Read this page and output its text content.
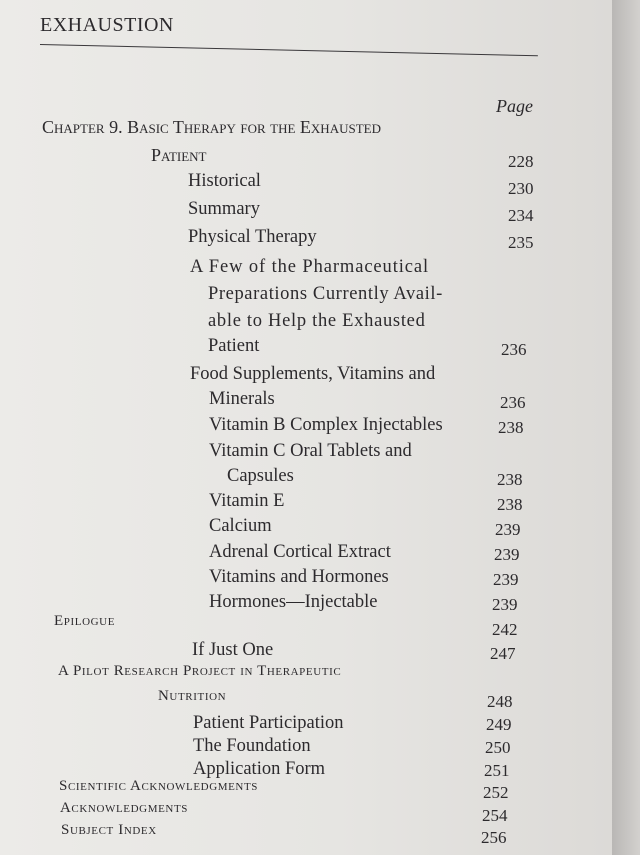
EXHAUSTION
Page
Chapter 9. Basic Therapy for the Exhausted
Patient	228
Historical	230
Summary	234
Physical Therapy	235
A Few of the Pharmaceutical
Preparations Currently Avail-
able to Help the Exhausted
Patient	236
Food Supplements, Vitamins and
Minerals	236
Vitamin B Complex Injectables	238
Vitamin C Oral Tablets and
Capsules	238
Vitamin E	238
Calcium	239
Adrenal Cortical Extract	239
Vitamins and Hormones	239
Hormones—Injectable	239
Epilogue	242
If Just One	247
A Pilot Research Project in Therapeutic
Nutrition	248
Patient Participation	249
The Foundation	250
Application Form	251
Scientific Acknowledgments	252
Acknowledgments	254
Subject Index	256
